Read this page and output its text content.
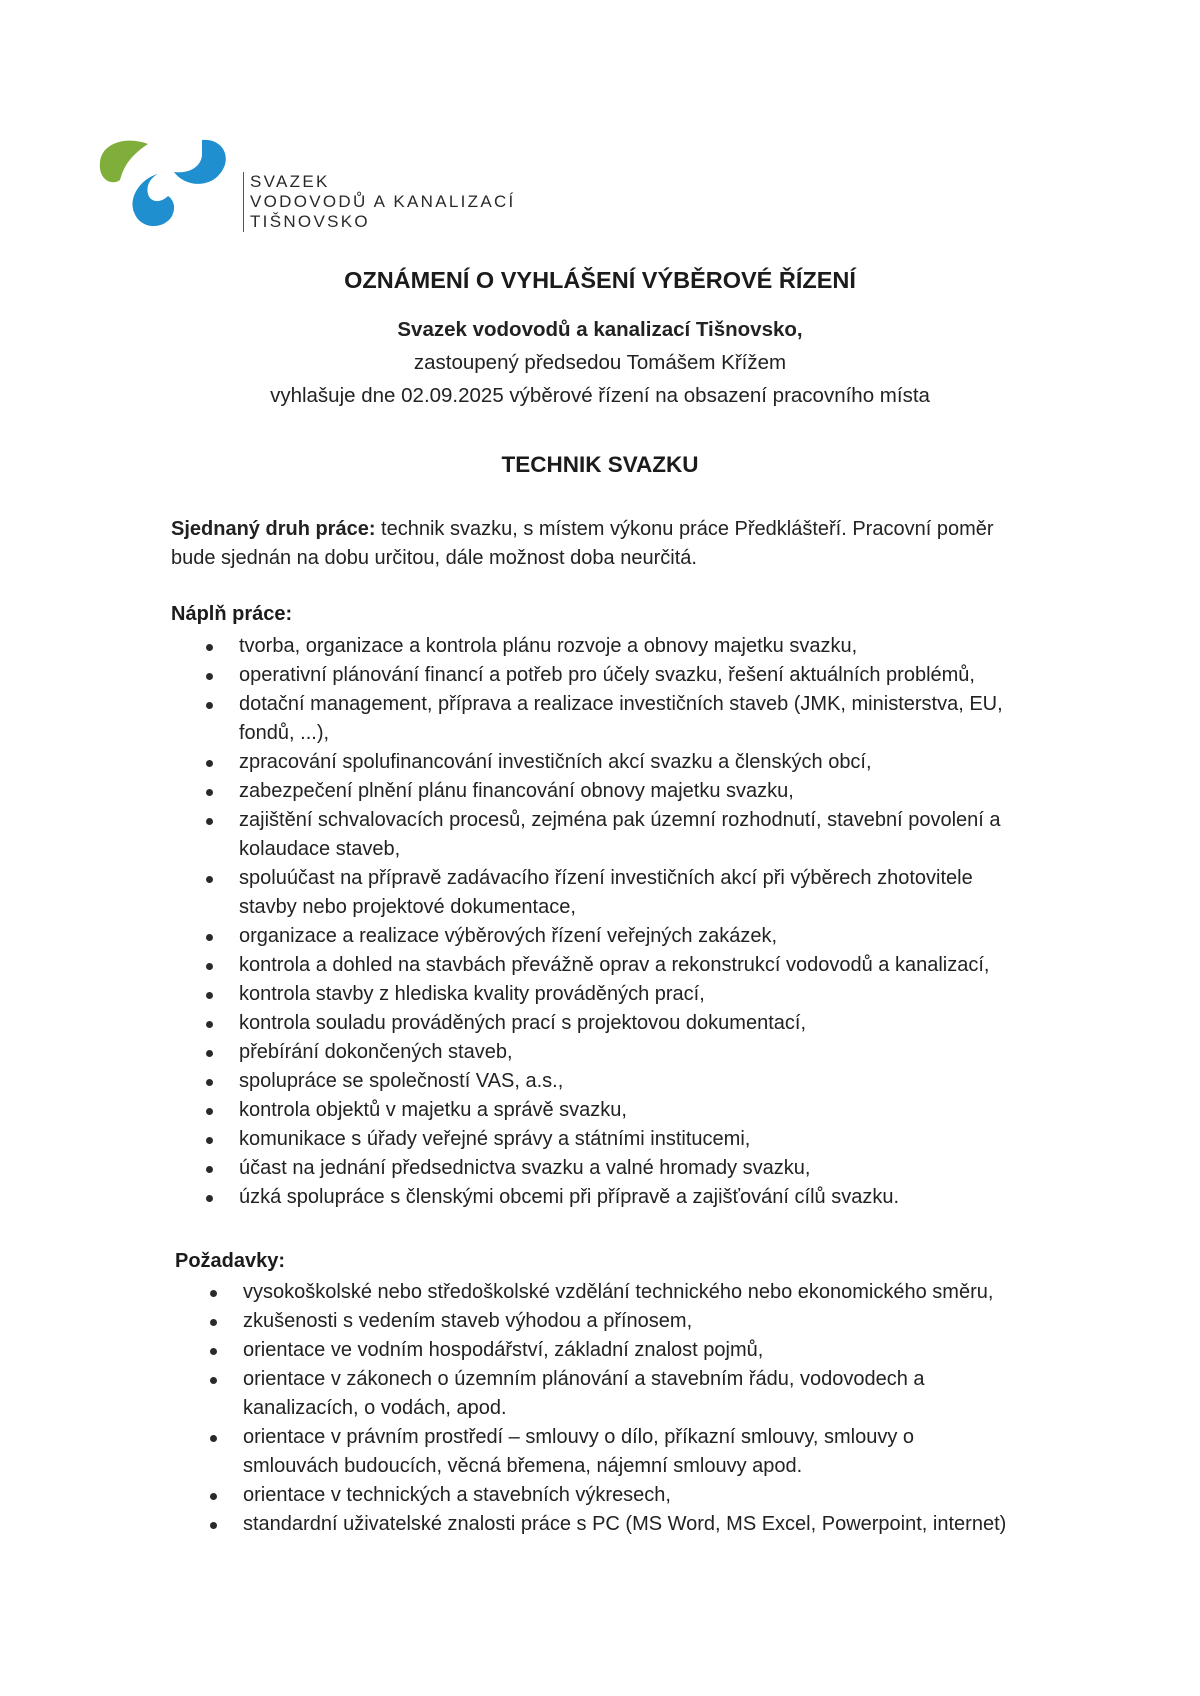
SVAZEK
VODOVODŮ A KANALIZACÍ
TIŠNOVSKO
OZNÁMENÍ O VYHLÁŠENÍ VÝBĚROVÉ ŘÍZENÍ
Svazek vodovodů a kanalizací Tišnovsko,
zastoupený předsedou Tomášem Křížem
vyhlašuje dne 02.09.2025 výběrové řízení na obsazení pracovního místa
TECHNIK SVAZKU
Sjednaný druh práce: technik svazku, s místem výkonu práce Předklášteří. Pracovní poměr
bude sjednán na dobu určitou, dále možnost doba neurčitá.
Náplň práce:
tvorba, organizace a kontrola plánu rozvoje a obnovy majetku svazku,
operativní plánování financí a potřeb pro účely svazku, řešení aktuálních problémů,
dotační management, příprava a realizace investičních staveb (JMK, ministerstva, EU,
fondů, ...),
zpracování spolufinancování investičních akcí svazku a členských obcí,
zabezpečení plnění plánu financování obnovy majetku svazku,
zajištění schvalovacích procesů, zejména pak územní rozhodnutí, stavební povolení a
kolaudace staveb,
spoluúčast na přípravě zadávacího řízení investičních akcí při výběrech zhotovitele
stavby nebo projektové dokumentace,
organizace a realizace výběrových řízení veřejných zakázek,
kontrola a dohled na stavbách převážně oprav a rekonstrukcí vodovodů a kanalizací,
kontrola stavby z hlediska kvality prováděných prací,
kontrola souladu prováděných prací s projektovou dokumentací,
přebírání dokončených staveb,
spolupráce se společností VAS, a.s.,
kontrola objektů v majetku a správě svazku,
komunikace s úřady veřejné správy a státními institucemi,
účast na jednání předsednictva svazku a valné hromady svazku,
úzká spolupráce s členskými obcemi při přípravě a zajišťování cílů svazku.
Požadavky:
vysokoškolské nebo středoškolské vzdělání technického nebo ekonomického směru,
zkušenosti s vedením staveb výhodou a přínosem,
orientace ve vodním hospodářství, základní znalost pojmů,
orientace v zákonech o územním plánování a stavebním řádu, vodovodech a
kanalizacích, o vodách, apod.
orientace v právním prostředí – smlouvy o dílo, příkazní smlouvy, smlouvy o
smlouvách budoucích, věcná břemena, nájemní smlouvy apod.
orientace v technických a stavebních výkresech,
standardní uživatelské znalosti práce s PC (MS Word, MS Excel, Powerpoint, internet)
